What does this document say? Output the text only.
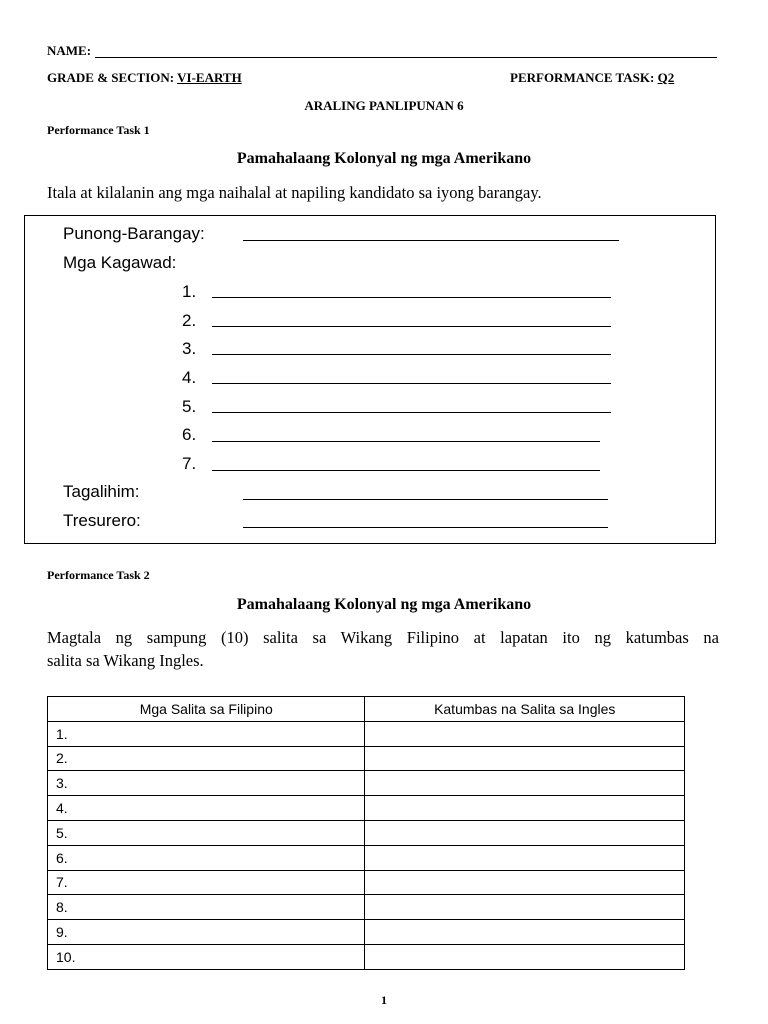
NAME:
GRADE & SECTION: VI-EARTH	PERFORMANCE TASK: Q2
ARALING PANLIPUNAN 6
Performance Task 1
Pamahalaang Kolonyal ng mga Amerikano
Itala at kilalanin ang mga naihalal at napiling kandidato sa iyong barangay.
Punong-Barangay:
Mga Kagawad:
1.
2.
3.
4.
5.
6.
7.
Tagalihim:
Tresurero:
Performance Task 2
Pamahalaang Kolonyal ng mga Amerikano
Magtala ng sampung (10) salita sa Wikang Filipino at lapatan ito ng katumbas na
salita sa Wikang Ingles.
Mga Salita sa Filipino	Katumbas na Salita sa Ingles
1.	
2.	
3.	
4.	
5.	
6.	
7.	
8.	
9.	
10.	
1
